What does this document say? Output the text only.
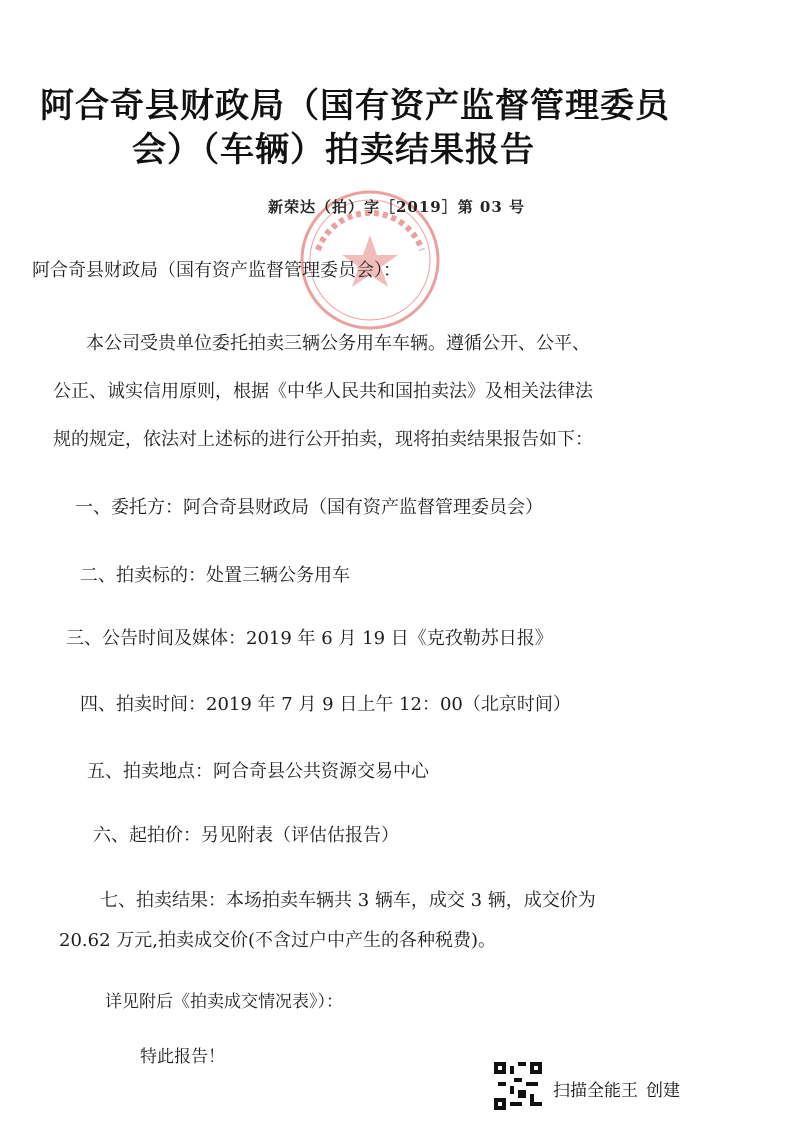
阿合奇县财政局（国有资产监督管理委员
会）（车辆）拍卖结果报告
新荣达（拍）字［2019］第 03 号
阿合奇县财政局（国有资产监督管理委员会）：
本公司受贵单位委托拍卖三辆公务用车车辆。遵循公开、公平、
公正、诚实信用原则，根据《中华人民共和国拍卖法》及相关法律法
规的规定，依法对上述标的进行公开拍卖，现将拍卖结果报告如下：
一、委托方：阿合奇县财政局（国有资产监督管理委员会）
二、拍卖标的：处置三辆公务用车
三、公告时间及媒体：2019 年 6 月 19 日《克孜勒苏日报》
四、拍卖时间：2019 年 7 月 9 日上午 12：00（北京时间）
五、拍卖地点：阿合奇县公共资源交易中心
六、起拍价：另见附表（评估估报告）
七、拍卖结果：本场拍卖车辆共 3 辆车，成交 3 辆，成交价为
20.62 万元,拍卖成交价(不含过户中产生的各种税费)。
详见附后《拍卖成交情况表》）：
特此报告！
扫描全能王 创建
